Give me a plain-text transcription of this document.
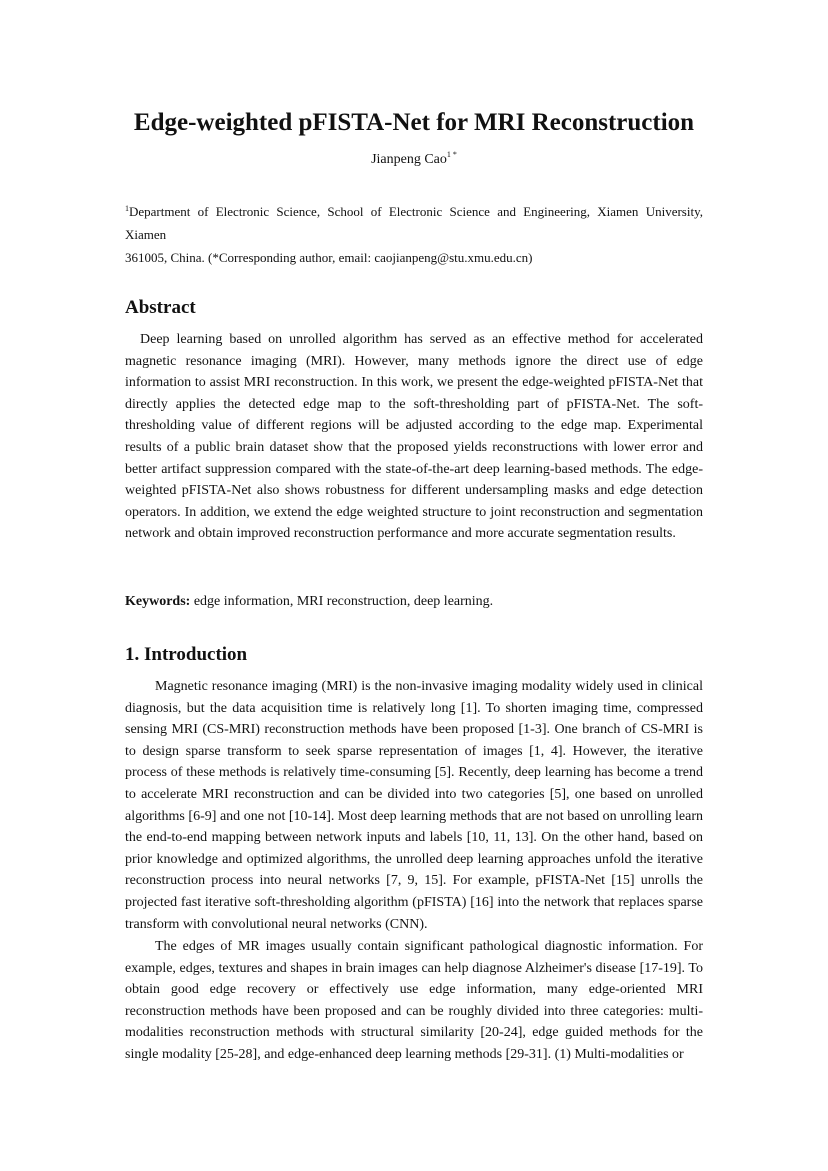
Edge-weighted pFISTA-Net for MRI Reconstruction
Jianpeng Cao$^{1 *}$
$^1$Department of Electronic Science, School of Electronic Science and Engineering, Xiamen University, Xiamen
361005, China. (*Corresponding author, email: caojianpeng@stu.xmu.edu.cn)
Abstract

Deep learning based on unrolled algorithm has served as an effective method for accelerated magnetic resonance imaging (MRI). However, many methods ignore the direct use of edge information to assist MRI reconstruction. In this work, we present the edge-weighted pFISTA-Net that directly applies the detected edge map to the soft-thresholding part of pFISTA-Net. The soft-thresholding value of different regions will be adjusted according to the edge map. Experimental results of a public brain dataset show that the proposed yields reconstructions with lower error and better artifact suppression compared with the state-of-the-art deep learning-based methods. The edge-weighted pFISTA-Net also shows robustness for different undersampling masks and edge detection operators. In addition, we extend the edge weighted structure to joint reconstruction and segmentation network and obtain improved reconstruction performance and more accurate segmentation results.

Keywords: edge information, MRI reconstruction, deep learning.

1. Introduction

Magnetic resonance imaging (MRI) is the non-invasive imaging modality widely used in clinical diagnosis, but the data acquisition time is relatively long [1]. To shorten imaging time, compressed sensing MRI (CS-MRI) reconstruction methods have been proposed [1-3]. One branch of CS-MRI is to design sparse transform to seek sparse representation of images [1, 4]. However, the iterative process of these methods is relatively time-consuming [5]. Recently, deep learning has become a trend to accelerate MRI reconstruction and can be divided into two categories [5], one based on unrolled algorithms [6-9] and one not [10-14]. Most deep learning methods that are not based on unrolling learn the end-to-end mapping between network inputs and labels [10, 11, 13]. On the other hand, based on prior knowledge and optimized algorithms, the unrolled deep learning approaches unfold the iterative reconstruction process into neural networks [7, 9, 15]. For example, pFISTA-Net [15] unrolls the projected fast iterative soft-thresholding algorithm (pFISTA) [16] into the network that replaces sparse transform with convolutional neural networks (CNN).

The edges of MR images usually contain significant pathological diagnostic information. For example, edges, textures and shapes in brain images can help diagnose Alzheimer's disease [17-19]. To obtain good edge recovery or effectively use edge information, many edge-oriented MRI reconstruction methods have been proposed and can be roughly divided into three categories: multi-modalities reconstruction methods with structural similarity [20-24], edge guided methods for the single modality [25-28], and edge-enhanced deep learning methods [29-31]. (1) Multi-modalities or
